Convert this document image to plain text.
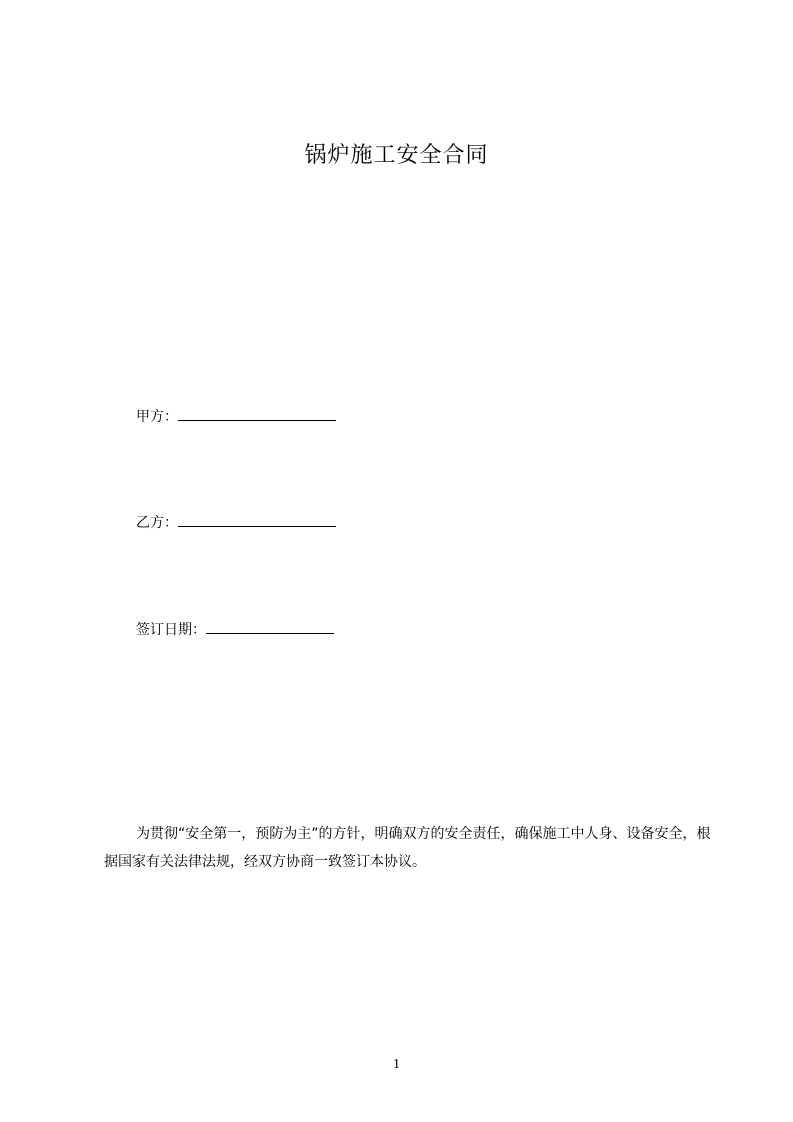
锅炉施工安全合同
甲方：
乙方：
签订日期：

为贯彻“安全第一，预防为主”的方针，明确双方的安全责任，确保施工中人身、设备安全，根据国家有关法律法规，经双方协商一致签订本协议。

1
